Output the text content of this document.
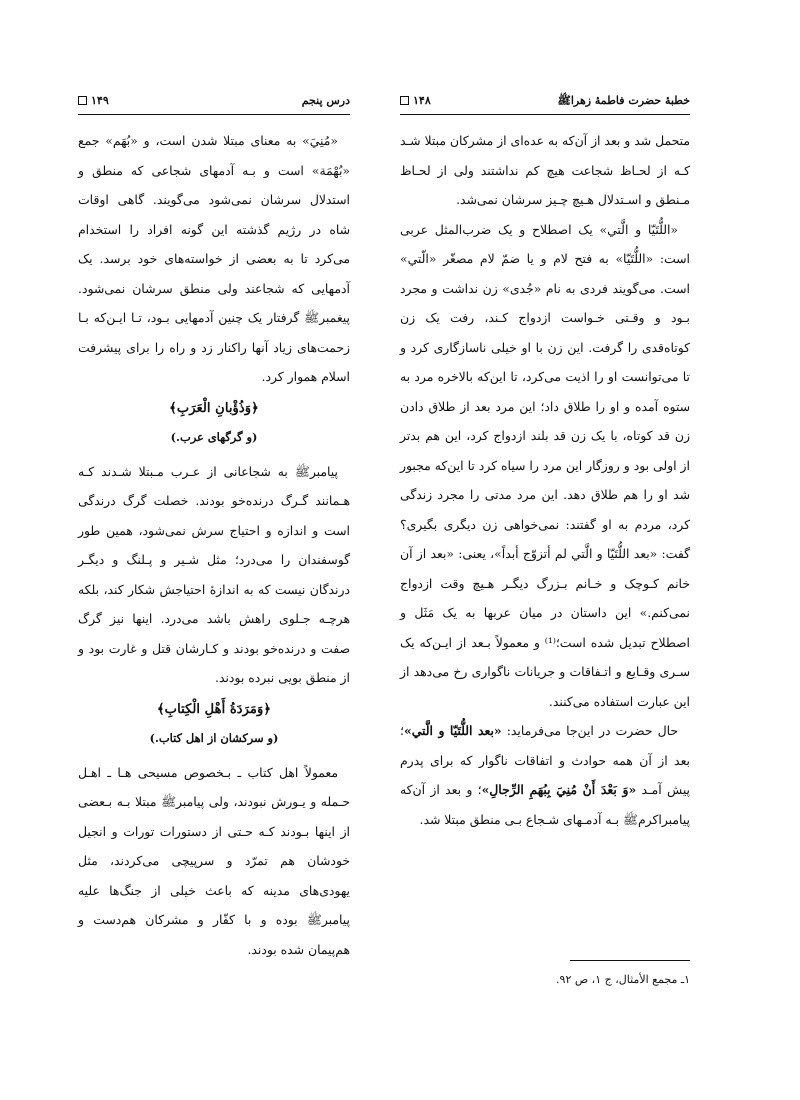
درس پنجم
۱۴۹

«مُنِيَ» به معنای مبتلا شدن است، و «بُهَم» جمع «بُهْمَة» است و بـه آدمهای شجاعی که منطق و استدلال سرشان نمی‌شود می‌گویند. گاهی اوقات شاه در رژیم گذشته این گونه افراد را استخدام می‌کرد تا به بعضی از خواسته‌های خود برسد. یک آدمهایی که شجاعند ولی منطق سرشان نمی‌شود. پیغمبرﷺ گرفتار یک چنین آدمهایی بـود، تـا ایـن‌که بـا زحمت‌های زیاد آنها راکنار زد و راه را برای پیشرفت اسلام هموار کرد.

﴿وَذُؤْبانِ الْعَرَبِ﴾

(و گرگهای عرب.)

پیامبرﷺ به شجاعانی از عـرب مـبتلا شـدند کـه هـمانند گـرگ درنده‌خو بودند. خصلت گرگ درندگی است و اندازه و احتیاج سرش نمی‌شود، همین طور گوسفندان را می‌درد؛ مثل شـیر و پـلنگ و دیگـر درندگان نیست که به اندازهٔ احتیاجش شکار کند، بلکه هرچـه جـلوی راهش باشد می‌درد. اینها نیز گرگ صفت و درنده‌خو بودند و کـارشان قتل و غارت بود و از منطق بویی نبرده بودند.

﴿وَمَرَدَةُ أَهْلِ الْكِتابِ﴾

(و سرکشان از اهل کتاب.)

معمولاً اهل کتاب ـ بـخصوص مسیحی هـا ـ اهـل حـمله و یـورش نبودند، ولی پیامبرﷺ مبتلا بـه بـعضی از اینها بـودند کـه حـتی از دستورات تورات و انجیل خودشان هم تمرّد و سرپیچی می‌کردند، مثل یهودی‌های مدینه که باعث خیلی از جنگ‌ها علیه پیامبرﷺ بوده و با کفّار و مشرکان هم‌دست و هم‌پیمان شده بودند.

خطبهٔ حضرت فاطمهٔ زهراﷺ
۱۴۸

متحمل شد و بعد از آن‌که به عده‌ای از مشرکان مبتلا شـد کـه از لحـاظ شجاعت هیچ کم نداشتند ولی از لحـاظ مـنطق و اسـتدلال هـیچ چـیز سرشان نمی‌شد.

«اللُّتَيّا و الَّتي» یک اصطلاح و یک ضرب‌المثل عربی است: «اللُّتَيّا» به فتح لام و یا ضمّ لام مصغّر «الّتي» است. می‌گویند فردی به نام «جُدی» زن نداشت و مجرد بـود و وقـتی خـواست ازدواج کـند، رفت یک زن کوتاه‌قدی را گرفت. این زن با او خیلی ناسازگاری کرد و تا می‌توانست او را اذیت می‌کرد، تا این‌که بالاخره مرد به ستوه آمده و او را طلاق داد؛ این مرد بعد از طلاق دادن زن قد کوتاه، با یک زن قد بلند ازدواج کرد، این هم بدتر از اولی بود و روزگار این مرد را سیاه کرد تا این‌که مجبور شد او را هم طلاق دهد. این مرد مدتی را مجرد زندگی کرد، مردم به او گفتند: نمی‌خواهی زن دیگری بگیری؟ گفت: «بعد اللُّتَيّا و الَّتي لم أتزوّج أبداً»، یعنی: «بعد از آن خانم کـوچک و خـانم بـزرگ دیگـر هـیچ وقت ازدواج نمی‌کنم.» این داستان در میان عربها به یک مَثَل و اصطلاح تبدیل شده است؛⁽¹⁾ و معمولاً بـعد از ایـن‌که یک سـری وقـایع و اتـفاقات و جریانات ناگواری رخ می‌دهد از این عبارت استفاده می‌کنند.

حال حضرت در این‌جا می‌فرماید: «بعد اللُّتَيّا و الَّتي»؛ بعد از آن همه حوادث و اتفاقات ناگوار که برای پدرم پیش آمـد «وَ بَعْدَ أَنْ مُنِيَ بِبُهَمِ الرِّجالِ»؛ و بعد از آن‌که پیامبراکرمﷺ بـه آدمـهای شـجاع بـی منطق مبتلا شد.

۱ـ مجمع الأمثال، ج ۱، ص ۹۲.
